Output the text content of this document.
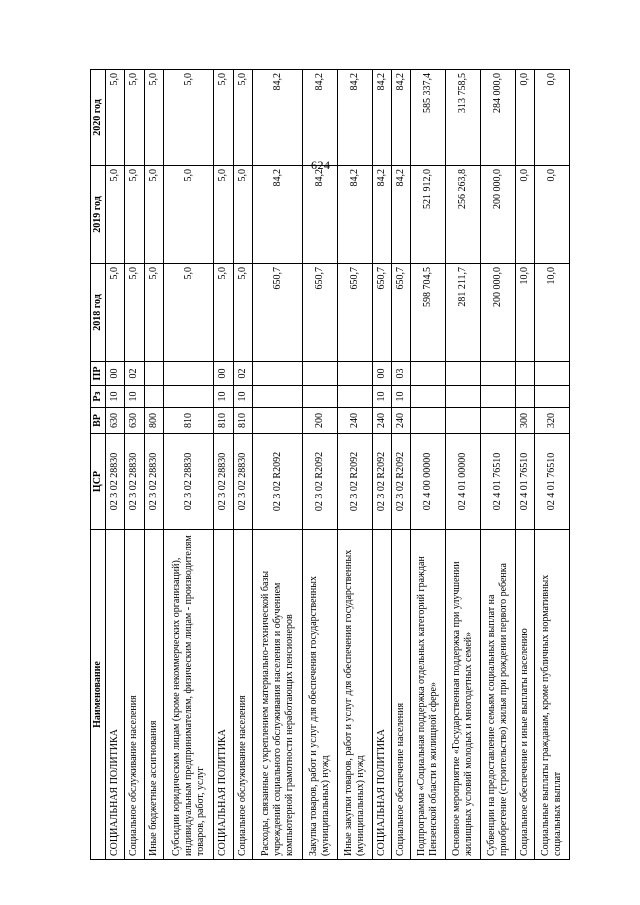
624
Наименование	ЦСР	ВР	Рз	ПР	2018 год	2019 год	2020 год
СОЦИАЛЬНАЯ ПОЛИТИКА	02 3 02 28830	630	10	00	5,0	5,0	5,0
Социальное обслуживание населения	02 3 02 28830	630	10	02	5,0	5,0	5,0
Иные бюджетные ассигнования	02 3 02 28830	800			5,0	5,0	5,0
Субсидии юридическим лицам (кроме некоммерческих организаций), индивидуальным предпринимателям, физическим лицам - производителям товаров, работ, услуг	02 3 02 28830	810			5,0	5,0	5,0
СОЦИАЛЬНАЯ ПОЛИТИКА	02 3 02 28830	810	10	00	5,0	5,0	5,0
Социальное обслуживание населения	02 3 02 28830	810	10	02	5,0	5,0	5,0
Расходы, связанные с укреплением материально-технической базы учреждений социального обслуживания населения и обучением компьютерной грамотности неработающих пенсионеров	02 3 02 R2092				650,7	84,2	84,2
Закупка товаров, работ и услуг для обеспечения государственных (муниципальных) нужд	02 3 02 R2092	200			650,7	84,2	84,2
Иные закупки товаров, работ и услуг для обеспечения государственных (муниципальных) нужд	02 3 02 R2092	240			650,7	84,2	84,2
СОЦИАЛЬНАЯ ПОЛИТИКА	02 3 02 R2092	240	10	00	650,7	84,2	84,2
Социальное обеспечение населения	02 3 02 R2092	240	10	03	650,7	84,2	84,2
Подпрограмма «Социальная поддержка отдельных категорий граждан Пензенской области в жилищной сфере»	02 4 00 00000				598 704,5	521 912,0	585 337,4
Основное мероприятие «Государственная поддержка при улучшении жилищных условий молодых и многодетных семей»	02 4 01 00000				281 211,7	256 263,8	313 758,5
Субвенции на предоставление семьям социальных выплат на приобретение (строительство) жилья при рождении первого ребенка	02 4 01 76510				200 000,0	200 000,0	284 000,0
Социальное обеспечение и иные выплаты населению	02 4 01 76510	300			10,0	0,0	0,0
Социальные выплаты гражданам, кроме публичных нормативных социальных выплат	02 4 01 76510	320			10,0	0,0	0,0
